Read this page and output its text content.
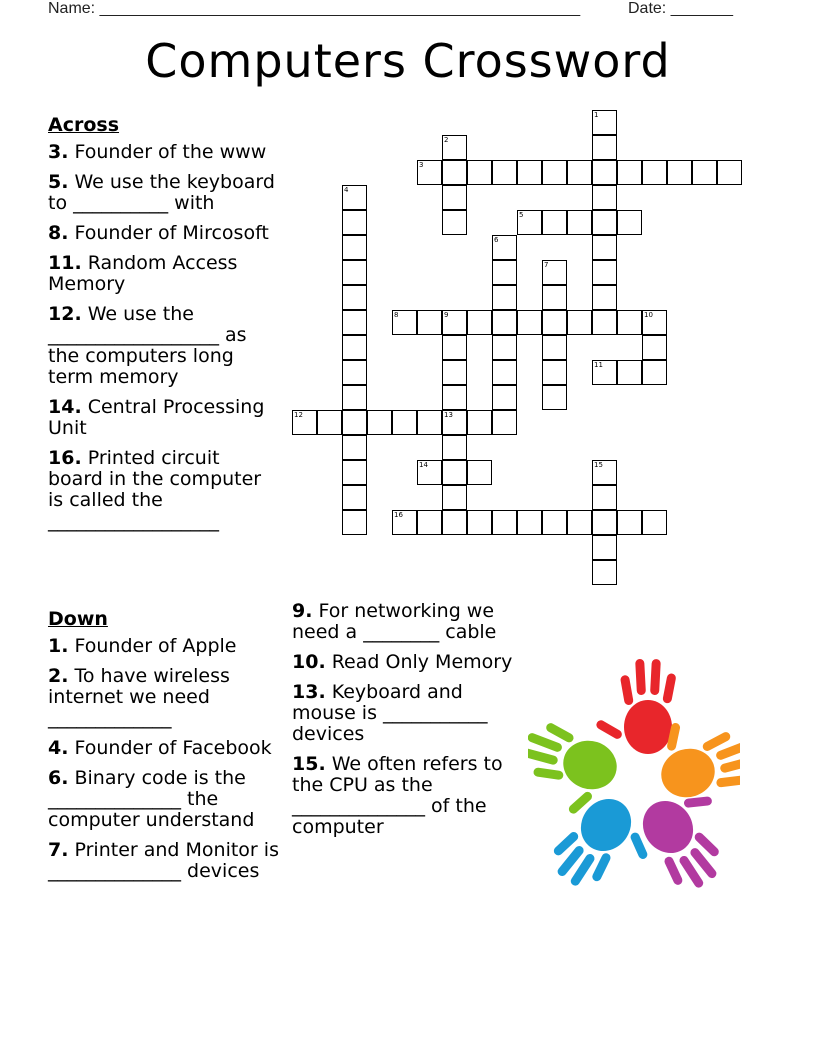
Name: ______________________________________________________	Date: _______
Computers Crossword
Across
3. Founder of the www
5. We use the keyboard to __________ with
8. Founder of Mircosoft
11. Random Access Memory
12. We use the __________________ as the computers long term memory
14. Central Processing Unit
16. Printed circuit board in the computer is called the __________________
Down
1. Founder of Apple
2. To have wireless internet we need _____________
4. Founder of Facebook
6. Binary code is the ______________ the computer understand
7. Printer and Monitor is ______________ devices
9. For networking we need a ________ cable
10. Read Only Memory
13. Keyboard and mouse is ___________ devices
15. We often refers to the CPU as the ______________ of the computer
1
2
3
4
5
6
7
8	9	10
11
12	13
14	15
16
